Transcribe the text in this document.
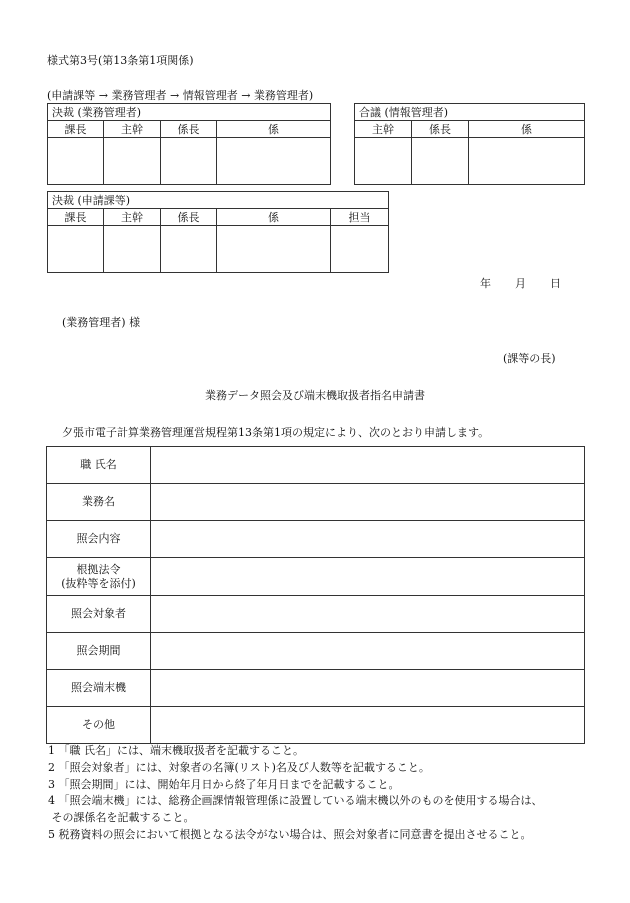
様式第3号(第13条第1項関係)
(申請課等 → 業務管理者 → 情報管理者 → 業務管理者)
決裁 (業務管理者)			
課長	主幹	係長	係

合議 (情報管理者)		
主幹	係長	係

決裁 (申請課等)				
課長	主幹	係長	係	担当

年 月 日
(業務管理者) 様
(課等の長)
業務データ照会及び端末機取扱者指名申請書
夕張市電子計算業務管理運営規程第13条第1項の規定により、次のとおり申請します。
職 氏名	
業務名	
照会内容	
根拠法令
(抜粋等を添付)	
照会対象者	
照会期間	
照会端末機	
その他	
1 「職 氏名」には、端末機取扱者を記載すること。
2 「照会対象者」には、対象者の名簿(リスト)名及び人数等を記載すること。
3 「照会期間」には、開始年月日から終了年月日までを記載すること。
4 「照会端末機」には、総務企画課情報管理係に設置している端末機以外のものを使用する場合は、
その課係名を記載すること。
5 税務資料の照会において根拠となる法令がない場合は、照会対象者に同意書を提出させること。
